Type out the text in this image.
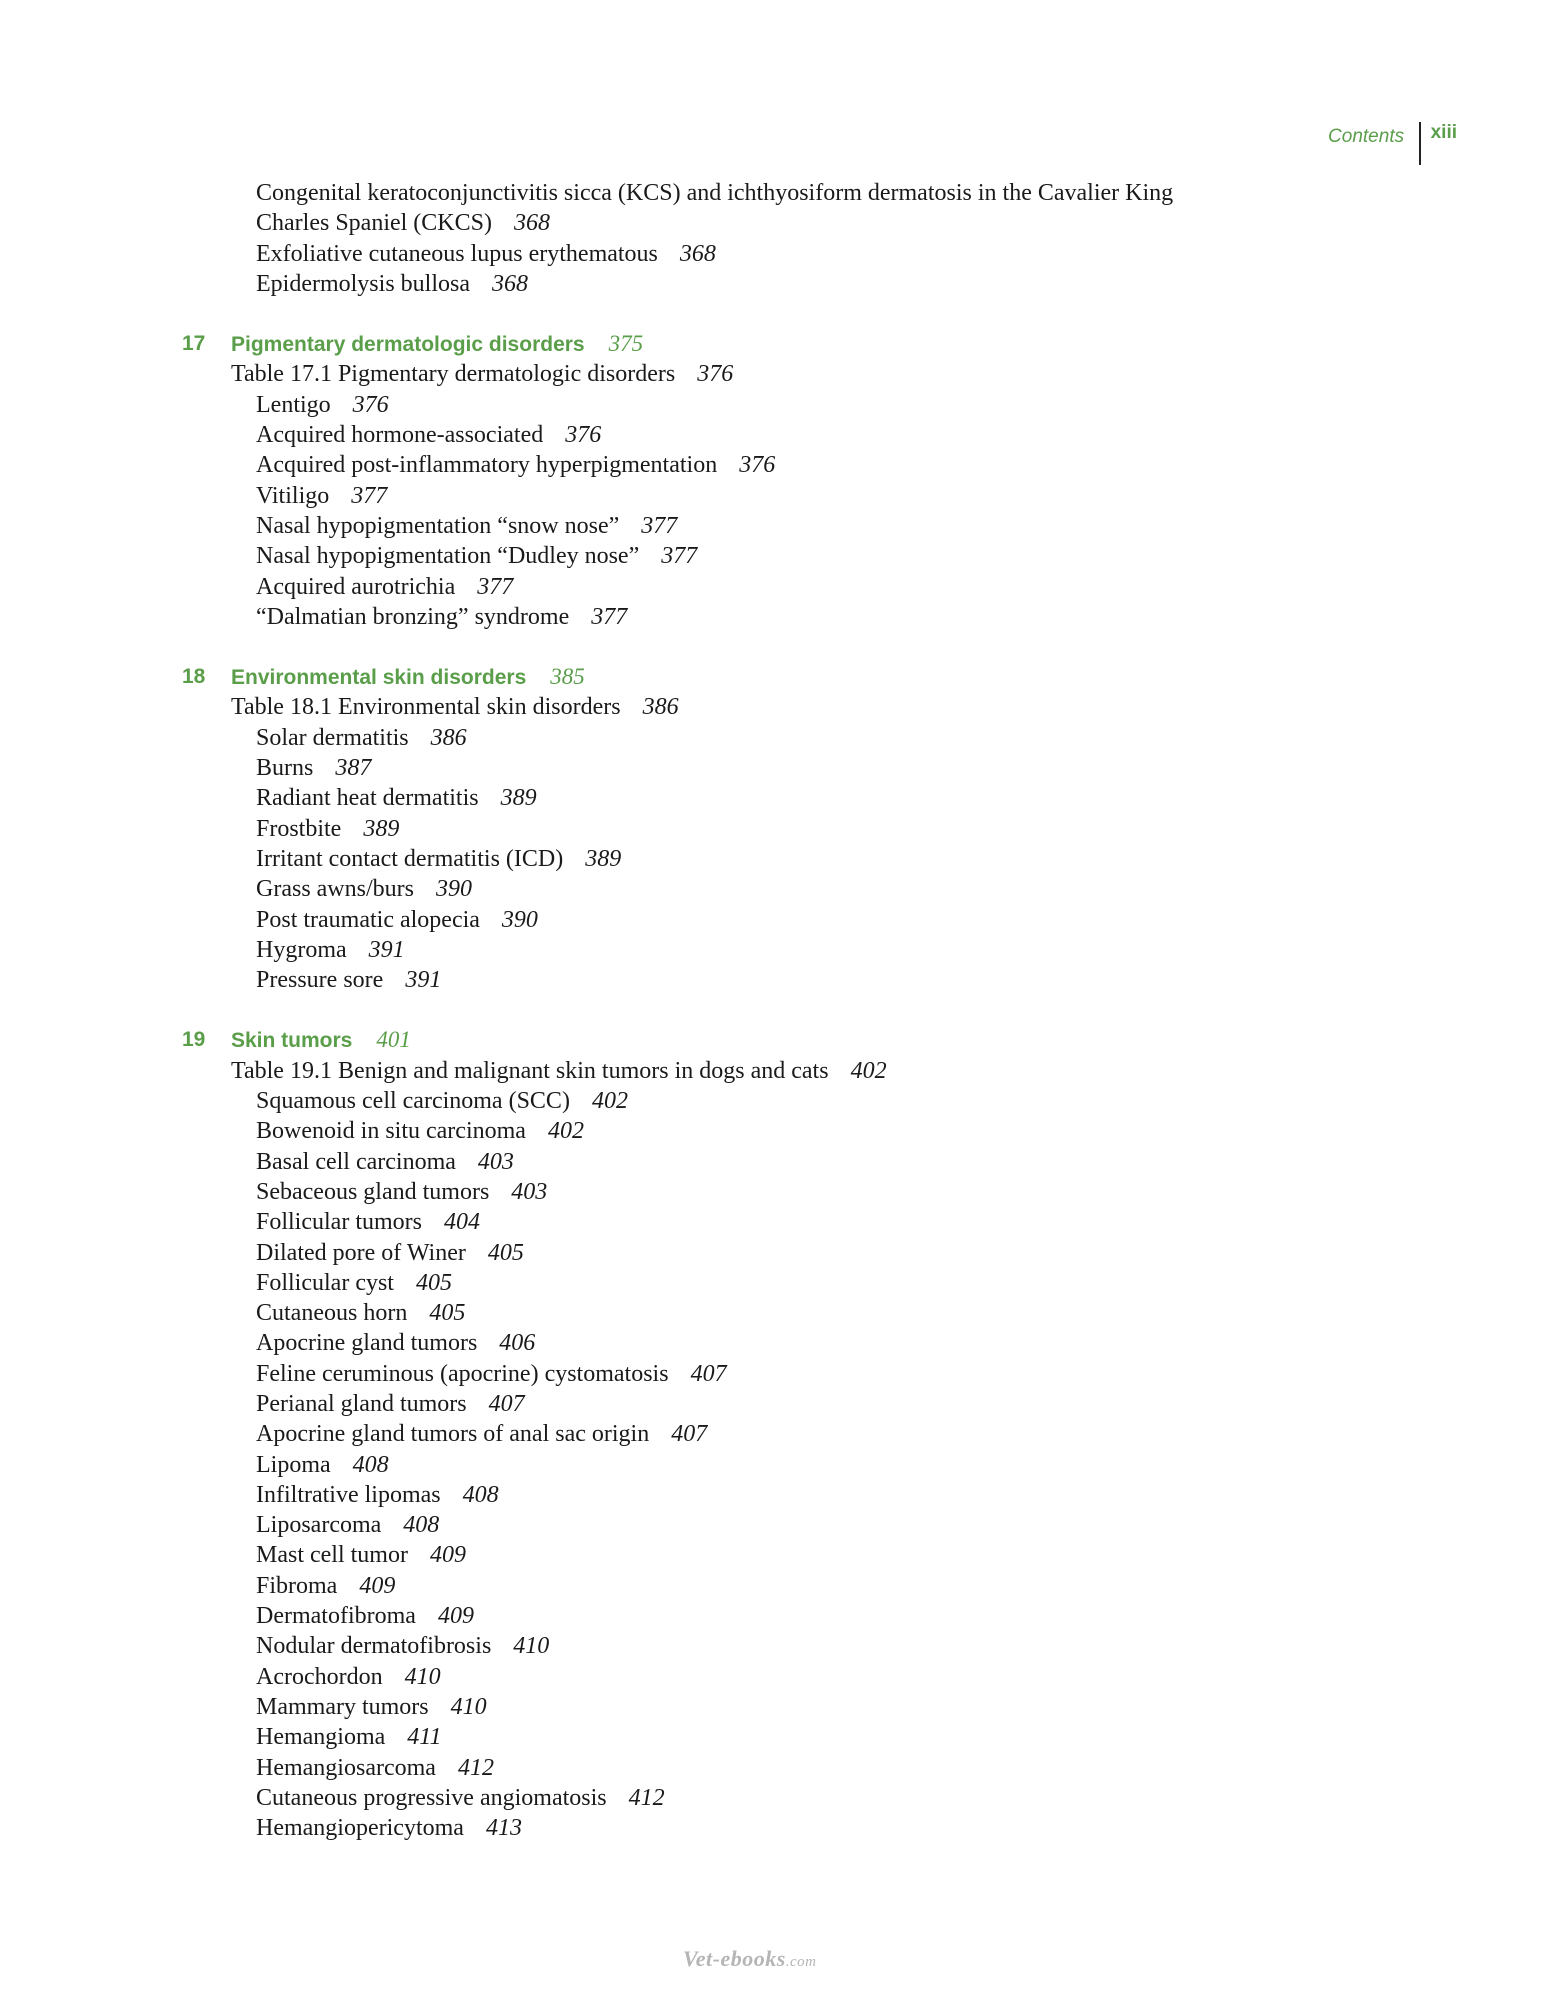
Contents xiii
Congenital keratoconjunctivitis sicca (KCS) and ichthyosiform dermatosis in the Cavalier King
Charles Spaniel (CKCS) 368
Exfoliative cutaneous lupus erythematous 368
Epidermolysis bullosa 368
17 Pigmentary dermatologic disorders 375
Table 17.1 Pigmentary dermatologic disorders 376
Lentigo 376
Acquired hormone-associated 376
Acquired post-inflammatory hyperpigmentation 376
Vitiligo 377
Nasal hypopigmentation “snow nose” 377
Nasal hypopigmentation “Dudley nose” 377
Acquired aurotrichia 377
“Dalmatian bronzing” syndrome 377
18 Environmental skin disorders 385
Table 18.1 Environmental skin disorders 386
Solar dermatitis 386
Burns 387
Radiant heat dermatitis 389
Frostbite 389
Irritant contact dermatitis (ICD) 389
Grass awns/burs 390
Post traumatic alopecia 390
Hygroma 391
Pressure sore 391
19 Skin tumors 401
Table 19.1 Benign and malignant skin tumors in dogs and cats 402
Squamous cell carcinoma (SCC) 402
Bowenoid in situ carcinoma 402
Basal cell carcinoma 403
Sebaceous gland tumors 403
Follicular tumors 404
Dilated pore of Winer 405
Follicular cyst 405
Cutaneous horn 405
Apocrine gland tumors 406
Feline ceruminous (apocrine) cystomatosis 407
Perianal gland tumors 407
Apocrine gland tumors of anal sac origin 407
Lipoma 408
Infiltrative lipomas 408
Liposarcoma 408
Mast cell tumor 409
Fibroma 409
Dermatofibroma 409
Nodular dermatofibrosis 410
Acrochordon 410
Mammary tumors 410
Hemangioma 411
Hemangiosarcoma 412
Cutaneous progressive angiomatosis 412
Hemangiopericytoma 413
Vet-ebooks.com
